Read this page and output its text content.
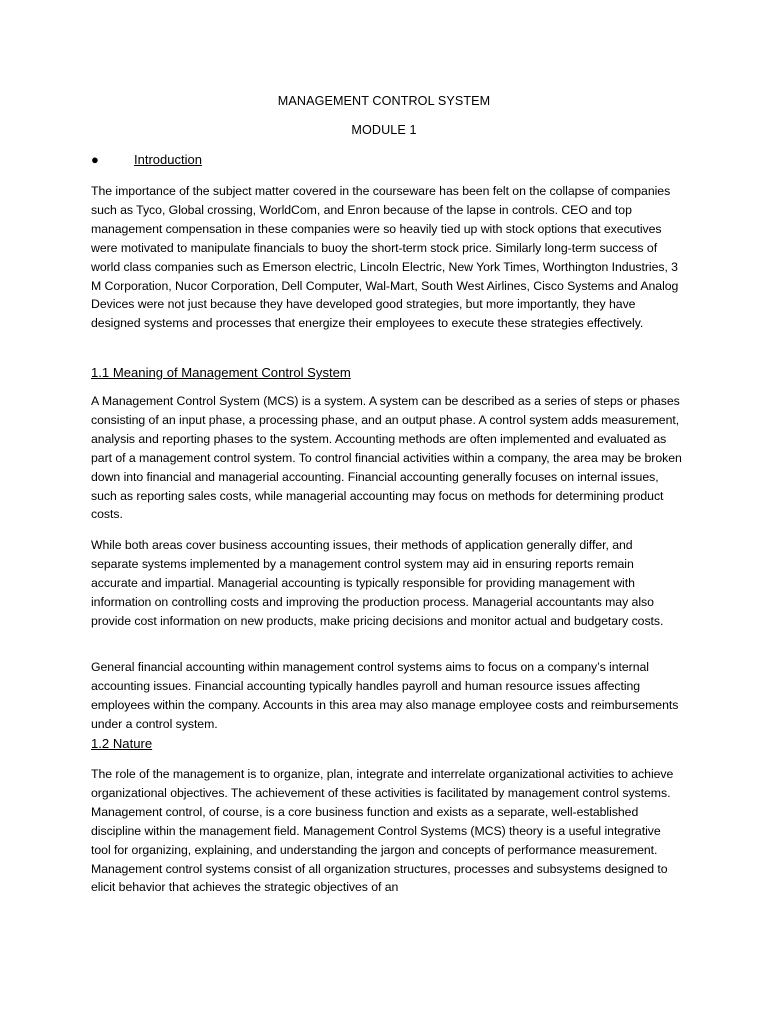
MANAGEMENT CONTROL SYSTEM
MODULE 1
●	Introduction

The importance of the subject matter covered in the courseware has been felt on the collapse of companies such as Tyco, Global crossing, WorldCom, and Enron because of the lapse in controls. CEO and top management compensation in these companies were so heavily tied up with stock options that executives were motivated to manipulate financials to buoy the short-term stock price. Similarly long-term success of world class companies such as Emerson electric, Lincoln Electric, New York Times, Worthington Industries, 3 M Corporation, Nucor Corporation, Dell Computer, Wal-Mart, South West Airlines, Cisco Systems and Analog Devices were not just because they have developed good strategies, but more importantly, they have designed systems and processes that energize their employees to execute these strategies effectively.

1.1 Meaning of Management Control System

A Management Control System (MCS) is a system. A system can be described as a series of steps or phases consisting of an input phase, a processing phase, and an output phase. A control system adds measurement, analysis and reporting phases to the system. Accounting methods are often implemented and evaluated as part of a management control system. To control financial activities within a company, the area may be broken down into financial and managerial accounting. Financial accounting generally focuses on internal issues, such as reporting sales costs, while managerial accounting may focus on methods for determining product costs.

While both areas cover business accounting issues, their methods of application generally differ, and separate systems implemented by a management control system may aid in ensuring reports remain accurate and impartial. Managerial accounting is typically responsible for providing management with information on controlling costs and improving the production process. Managerial accountants may also provide cost information on new products, make pricing decisions and monitor actual and budgetary costs.

General financial accounting within management control systems aims to focus on a company’s internal accounting issues. Financial accounting typically handles payroll and human resource issues affecting employees within the company. Accounts in this area may also manage employee costs and reimbursements under a control system.

1.2 Nature

The role of the management is to organize, plan, integrate and interrelate organizational activities to achieve organizational objectives. The achievement of these activities is facilitated by management control systems. Management control, of course, is a core business function and exists as a separate, well-established discipline within the management field. Management Control Systems (MCS) theory is a useful integrative tool for organizing, explaining, and understanding the jargon and concepts of performance measurement. Management control systems consist of all organization structures, processes and subsystems designed to elicit behavior that achieves the strategic objectives of an
